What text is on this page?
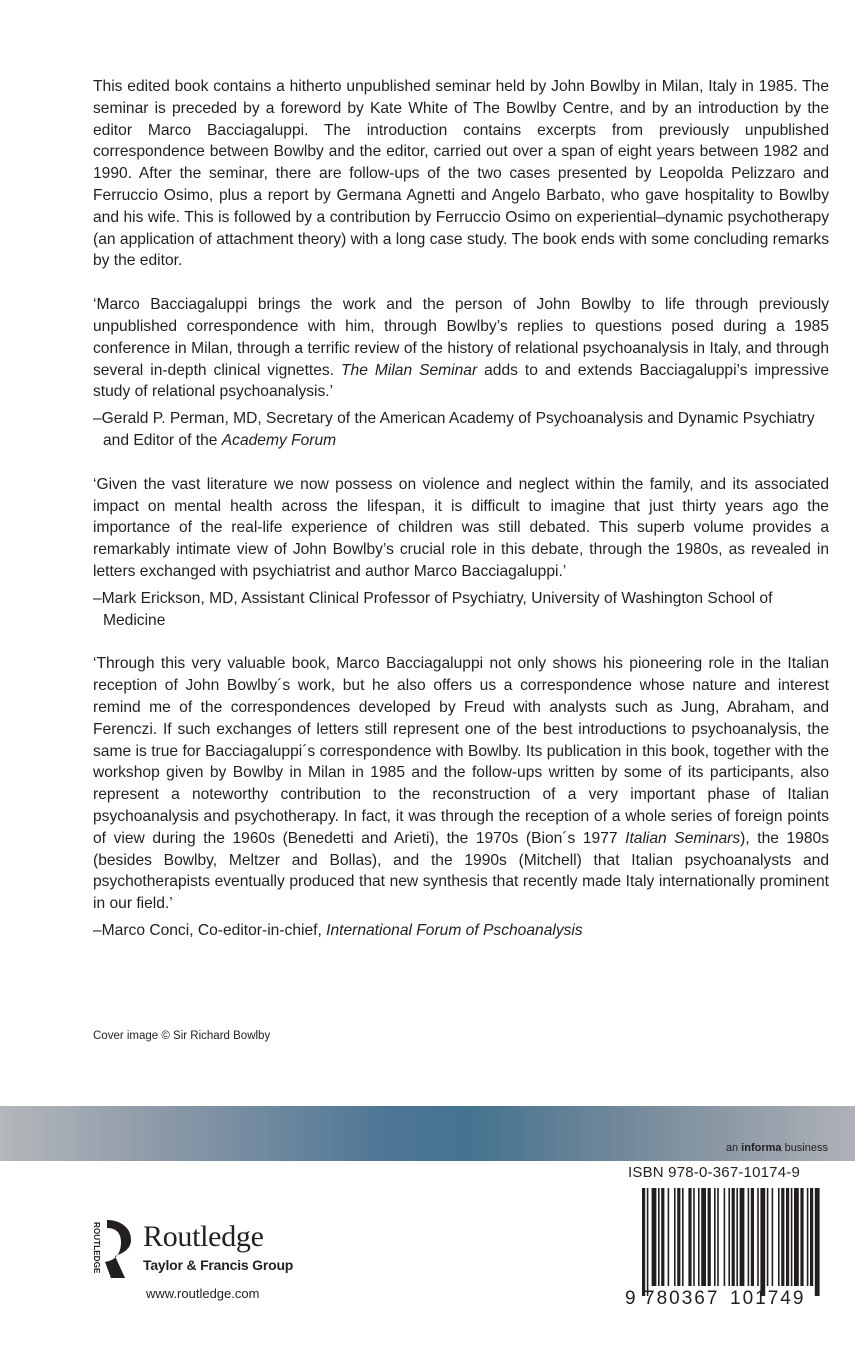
This edited book contains a hitherto unpublished seminar held by John Bowlby in Milan, Italy in 1985. The seminar is preceded by a foreword by Kate White of The Bowlby Centre, and by an introduction by the editor Marco Bacciagaluppi. The introduction contains excerpts from previously unpublished correspondence between Bowlby and the editor, carried out over a span of eight years between 1982 and 1990. After the seminar, there are follow-ups of the two cases presented by Leopolda Pelizzaro and Ferruccio Osimo, plus a report by Germana Agnetti and Angelo Barbato, who gave hospitality to Bowlby and his wife. This is followed by a contribution by Ferruccio Osimo on experiential–dynamic psychotherapy (an application of attachment theory) with a long case study. The book ends with some concluding remarks by the editor.

‘Marco Bacciagaluppi brings the work and the person of John Bowlby to life through previously unpublished correspondence with him, through Bowlby’s replies to questions posed during a 1985 conference in Milan, through a terrific review of the history of relational psychoanalysis in Italy, and through several in-depth clinical vignettes. The Milan Seminar adds to and extends Bacciagaluppi’s impressive study of relational psychoanalysis.’

–Gerald P. Perman, MD, Secretary of the American Academy of Psychoanalysis and Dynamic Psychiatry and Editor of the Academy Forum

‘Given the vast literature we now possess on violence and neglect within the family, and its associated impact on mental health across the lifespan, it is difficult to imagine that just thirty years ago the importance of the real-life experience of children was still debated. This superb volume provides a remarkably intimate view of John Bowlby’s crucial role in this debate, through the 1980s, as revealed in letters exchanged with psychiatrist and author Marco Bacciagaluppi.’

–Mark Erickson, MD, Assistant Clinical Professor of Psychiatry, University of Washington School of Medicine

‘Through this very valuable book, Marco Bacciagaluppi not only shows his pioneering role in the Italian reception of John Bowlby´s work, but he also offers us a correspondence whose nature and interest remind me of the correspondences developed by Freud with analysts such as Jung, Abraham, and Ferenczi. If such exchanges of letters still represent one of the best introductions to psychoanalysis, the same is true for Bacciagaluppi´s correspondence with Bowlby. Its publication in this book, together with the workshop given by Bowlby in Milan in 1985 and the follow-ups written by some of its participants, also represent a noteworthy contribution to the reconstruction of a very important phase of Italian psychoanalysis and psychotherapy. In fact, it was through the reception of a whole series of foreign points of view during the 1960s (Benedetti and Arieti), the 1970s (Bion´s 1977 Italian Seminars), the 1980s (besides Bowlby, Meltzer and Bollas), and the 1990s (Mitchell) that Italian psychoanalysts and psychotherapists eventually produced that new synthesis that recently made Italy internationally prominent in our field.’

–Marco Conci, Co-editor-in-chief, International Forum of Pschoanalysis

Cover image © Sir Richard Bowlby
an informa business
ROUTLEDGE Routledge
Taylor & Francis Group
www.routledge.com
ISBN 978-0-367-10174-9
9 780367 101749
